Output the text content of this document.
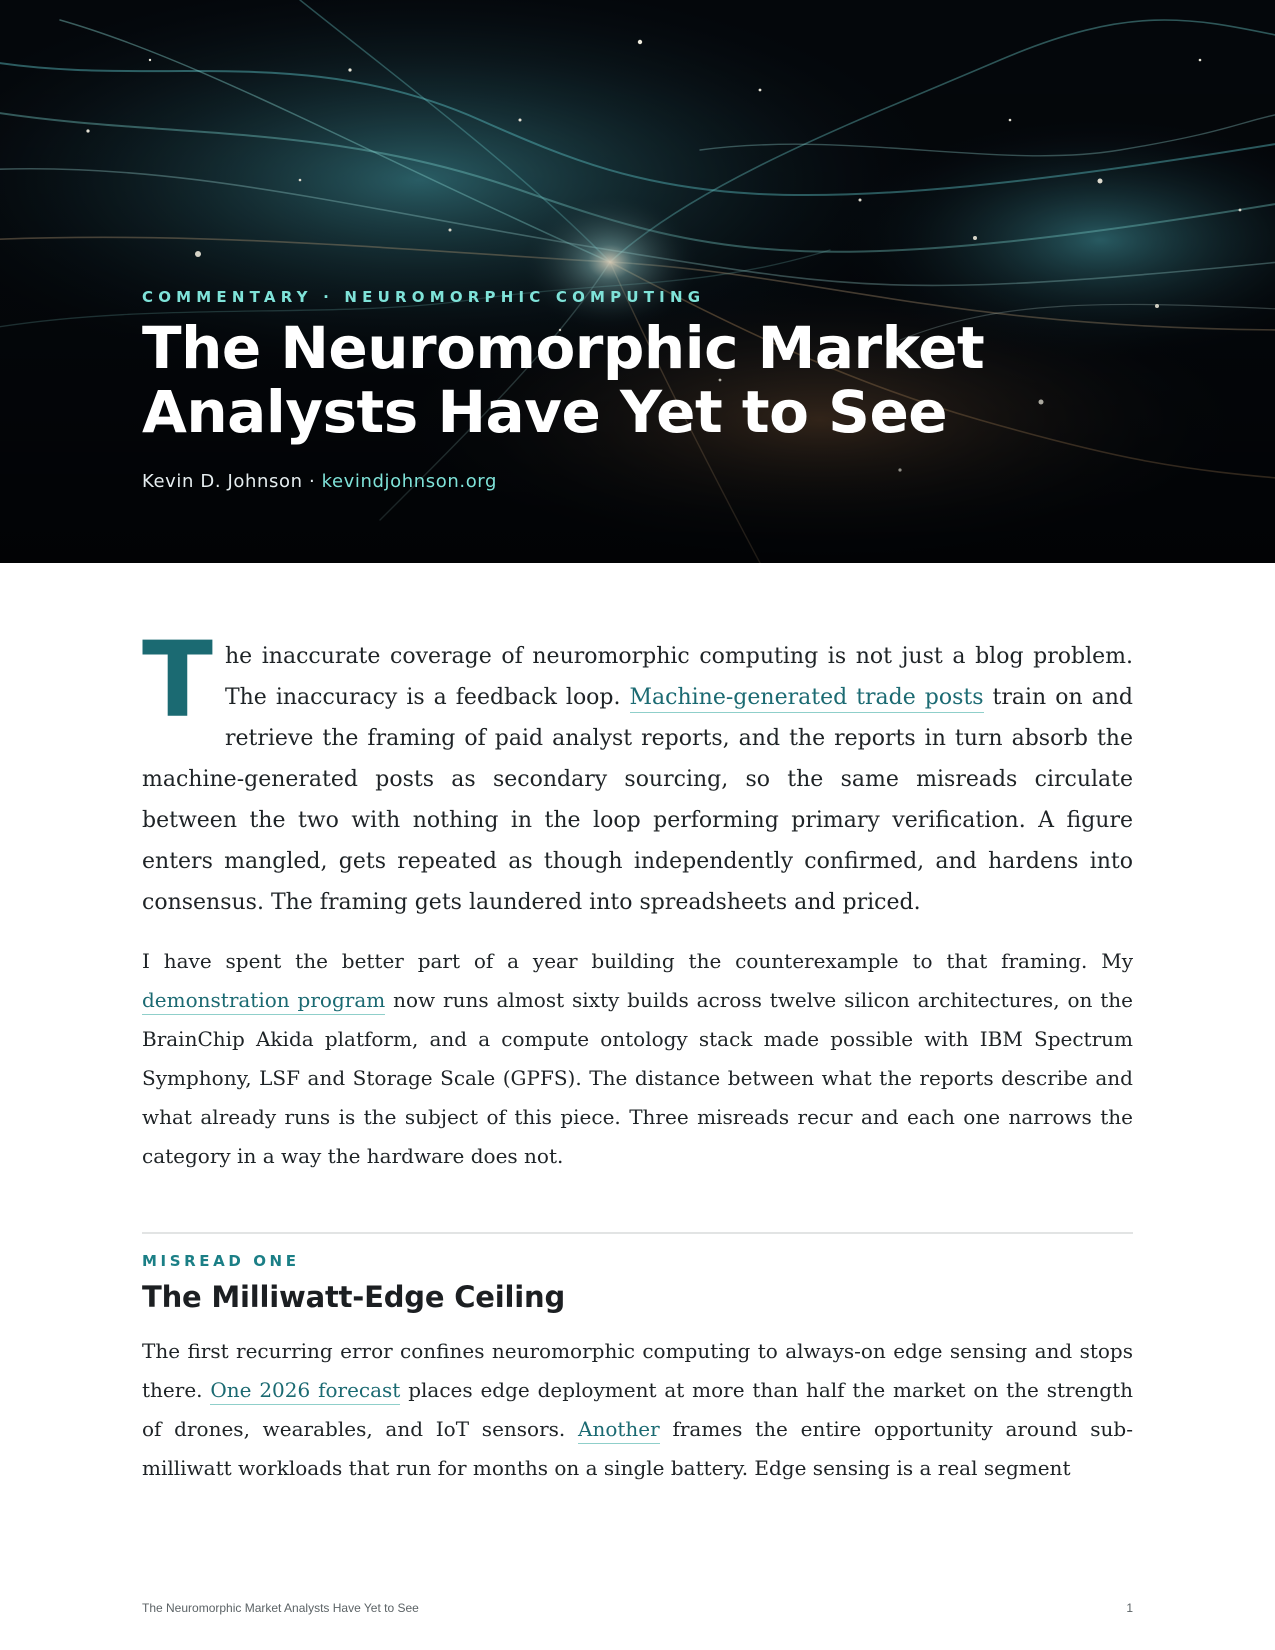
COMMENTARY · NEUROMORPHIC COMPUTING
The Neuromorphic Market
Analysts Have Yet to See
Kevin D. Johnson · kevindjohnson.org

The inaccurate coverage of neuromorphic computing is not just a blog problem. The inaccuracy is a feedback loop. Machine-generated trade posts train on and retrieve the framing of paid analyst reports, and the reports in turn absorb the machine-generated posts as secondary sourcing, so the same misreads circulate between the two with nothing in the loop performing primary verification. A figure enters mangled, gets repeated as though independently confirmed, and hardens into consensus. The framing gets laundered into spreadsheets and priced.

I have spent the better part of a year building the counterexample to that framing. My demonstration program now runs almost sixty builds across twelve silicon architectures, on the BrainChip Akida platform, and a compute ontology stack made possible with IBM Spectrum Symphony, LSF and Storage Scale (GPFS). The distance between what the reports describe and what already runs is the subject of this piece. Three misreads recur and each one narrows the category in a way the hardware does not.

MISREAD ONE
The Milliwatt-Edge Ceiling

The first recurring error confines neuromorphic computing to always-on edge sensing and stops there. One 2026 forecast places edge deployment at more than half the market on the strength of drones, wearables, and IoT sensors. Another frames the entire opportunity around sub-milliwatt workloads that run for months on a single battery. Edge sensing is a real segment

The Neuromorphic Market Analysts Have Yet to See	1
